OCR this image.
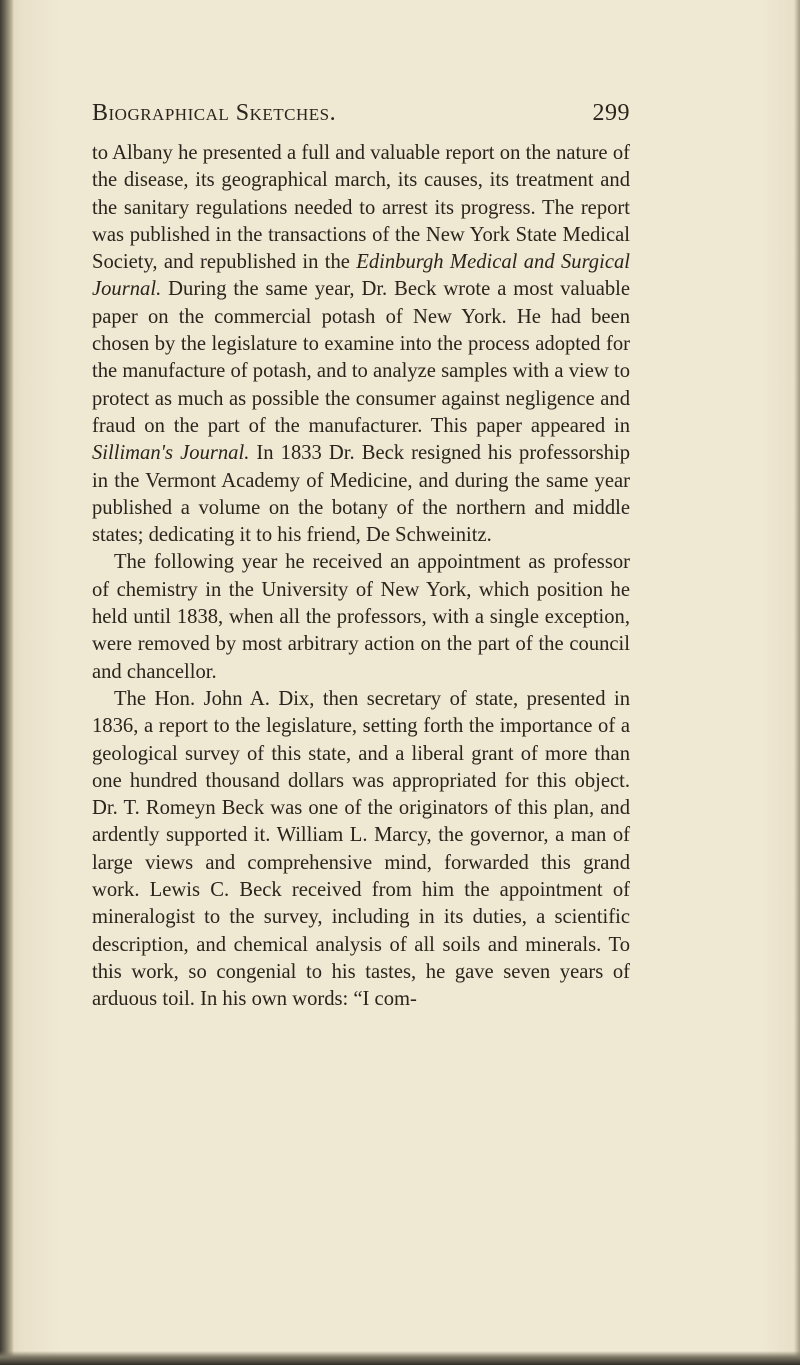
Biographical Sketches.	299

to Albany he presented a full and valuable report on the nature of the disease, its geographical march, its causes, its treatment and the sanitary regulations needed to arrest its progress. The report was published in the transactions of the New York State Medical Society, and republished in the Edinburgh Medical and Surgical Journal. During the same year, Dr. Beck wrote a most valuable paper on the commercial potash of New York. He had been chosen by the legislature to examine into the process adopted for the manufacture of potash, and to analyze samples with a view to protect as much as possible the consumer against negligence and fraud on the part of the manufacturer. This paper appeared in Silliman's Journal. In 1833 Dr. Beck resigned his professorship in the Vermont Academy of Medicine, and during the same year published a volume on the botany of the northern and middle states; dedicating it to his friend, De Schweinitz.

The following year he received an appointment as professor of chemistry in the University of New York, which position he held until 1838, when all the professors, with a single exception, were removed by most arbitrary action on the part of the council and chancellor.

The Hon. John A. Dix, then secretary of state, presented in 1836, a report to the legislature, setting forth the importance of a geological survey of this state, and a liberal grant of more than one hundred thousand dollars was appropriated for this object. Dr. T. Romeyn Beck was one of the originators of this plan, and ardently supported it. William L. Marcy, the governor, a man of large views and comprehensive mind, forwarded this grand work. Lewis C. Beck received from him the appointment of mineralogist to the survey, including in its duties, a scientific description, and chemical analysis of all soils and minerals. To this work, so congenial to his tastes, he gave seven years of arduous toil. In his own words: “I com-
